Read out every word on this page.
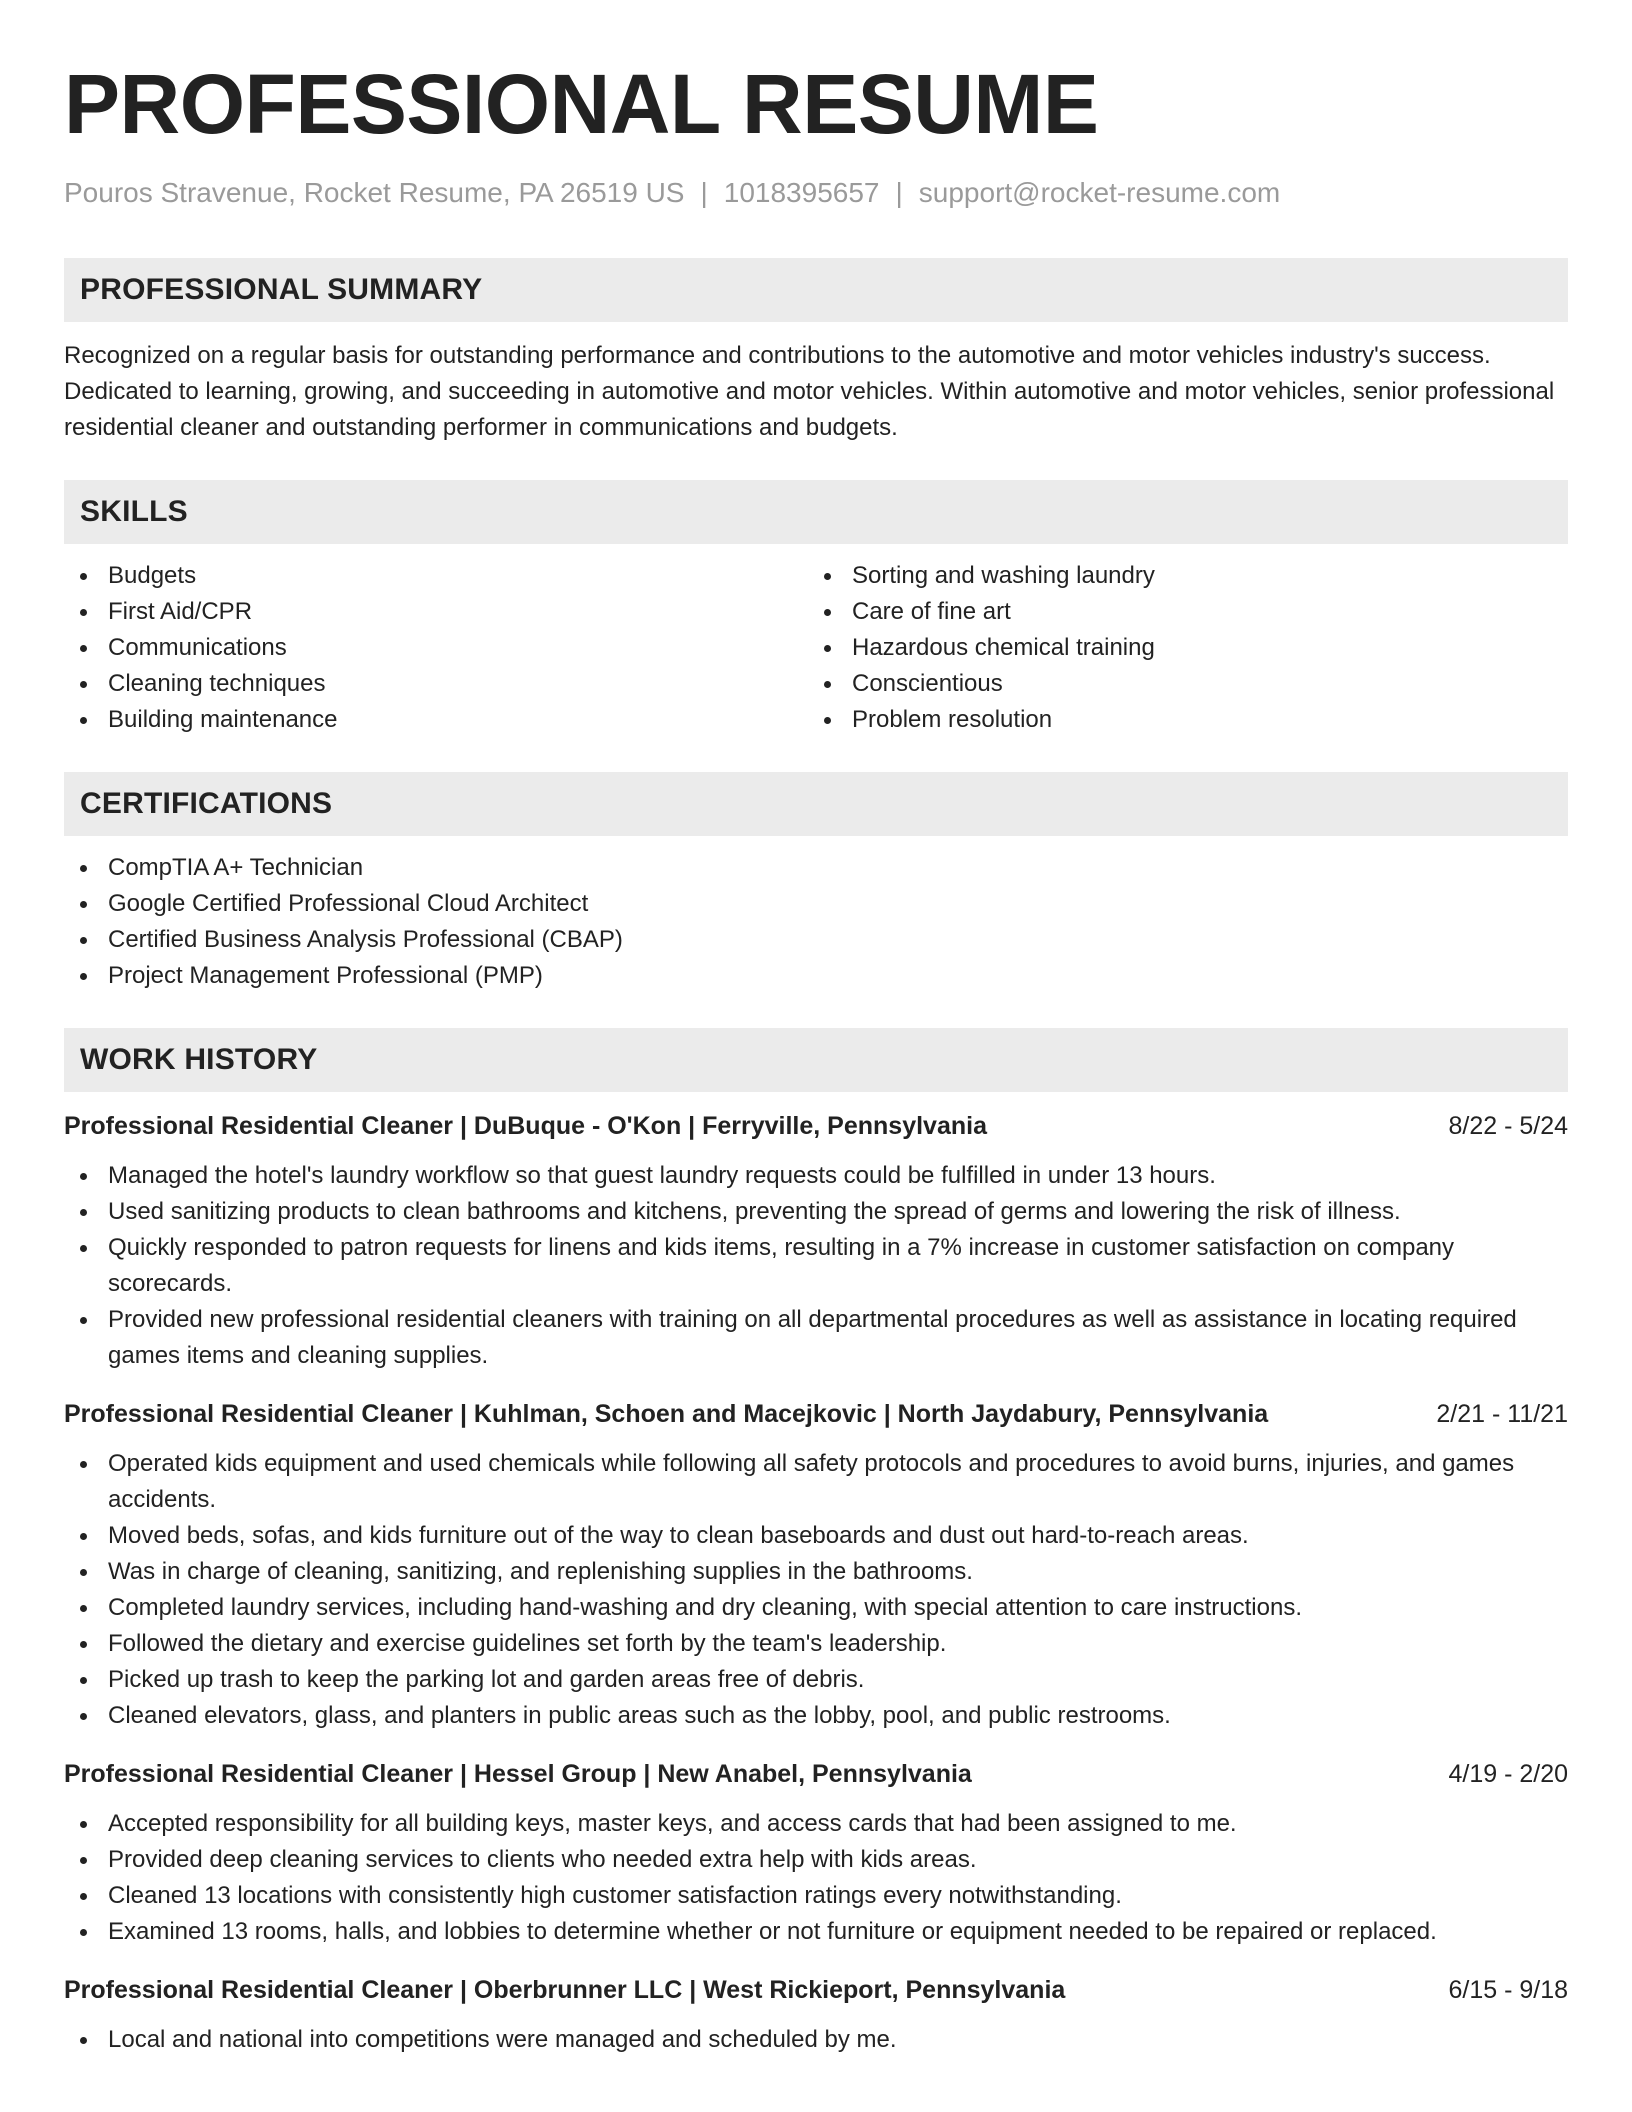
PROFESSIONAL RESUME
Pouros Stravenue, Rocket Resume, PA 26519 US | 1018395657 | support@rocket-resume.com
PROFESSIONAL SUMMARY
Recognized on a regular basis for outstanding performance and contributions to the automotive and motor vehicles industry's success. Dedicated to learning, growing, and succeeding in automotive and motor vehicles. Within automotive and motor vehicles, senior professional residential cleaner and outstanding performer in communications and budgets.
SKILLS
Budgets
First Aid/CPR
Communications
Cleaning techniques
Building maintenance
Sorting and washing laundry
Care of fine art
Hazardous chemical training
Conscientious
Problem resolution
CERTIFICATIONS
CompTIA A+ Technician
Google Certified Professional Cloud Architect
Certified Business Analysis Professional (CBAP)
Project Management Professional (PMP)
WORK HISTORY
Professional Residential Cleaner | DuBuque - O'Kon | Ferryville, Pennsylvania	8/22 - 5/24
Managed the hotel's laundry workflow so that guest laundry requests could be fulfilled in under 13 hours.
Used sanitizing products to clean bathrooms and kitchens, preventing the spread of germs and lowering the risk of illness.
Quickly responded to patron requests for linens and kids items, resulting in a 7% increase in customer satisfaction on company scorecards.
Provided new professional residential cleaners with training on all departmental procedures as well as assistance in locating required games items and cleaning supplies.
Professional Residential Cleaner | Kuhlman, Schoen and Macejkovic | North Jaydabury, Pennsylvania	2/21 - 11/21
Operated kids equipment and used chemicals while following all safety protocols and procedures to avoid burns, injuries, and games accidents.
Moved beds, sofas, and kids furniture out of the way to clean baseboards and dust out hard-to-reach areas.
Was in charge of cleaning, sanitizing, and replenishing supplies in the bathrooms.
Completed laundry services, including hand-washing and dry cleaning, with special attention to care instructions.
Followed the dietary and exercise guidelines set forth by the team's leadership.
Picked up trash to keep the parking lot and garden areas free of debris.
Cleaned elevators, glass, and planters in public areas such as the lobby, pool, and public restrooms.
Professional Residential Cleaner | Hessel Group | New Anabel, Pennsylvania	4/19 - 2/20
Accepted responsibility for all building keys, master keys, and access cards that had been assigned to me.
Provided deep cleaning services to clients who needed extra help with kids areas.
Cleaned 13 locations with consistently high customer satisfaction ratings every notwithstanding.
Examined 13 rooms, halls, and lobbies to determine whether or not furniture or equipment needed to be repaired or replaced.
Professional Residential Cleaner | Oberbrunner LLC | West Rickieport, Pennsylvania	6/15 - 9/18
Local and national into competitions were managed and scheduled by me.
